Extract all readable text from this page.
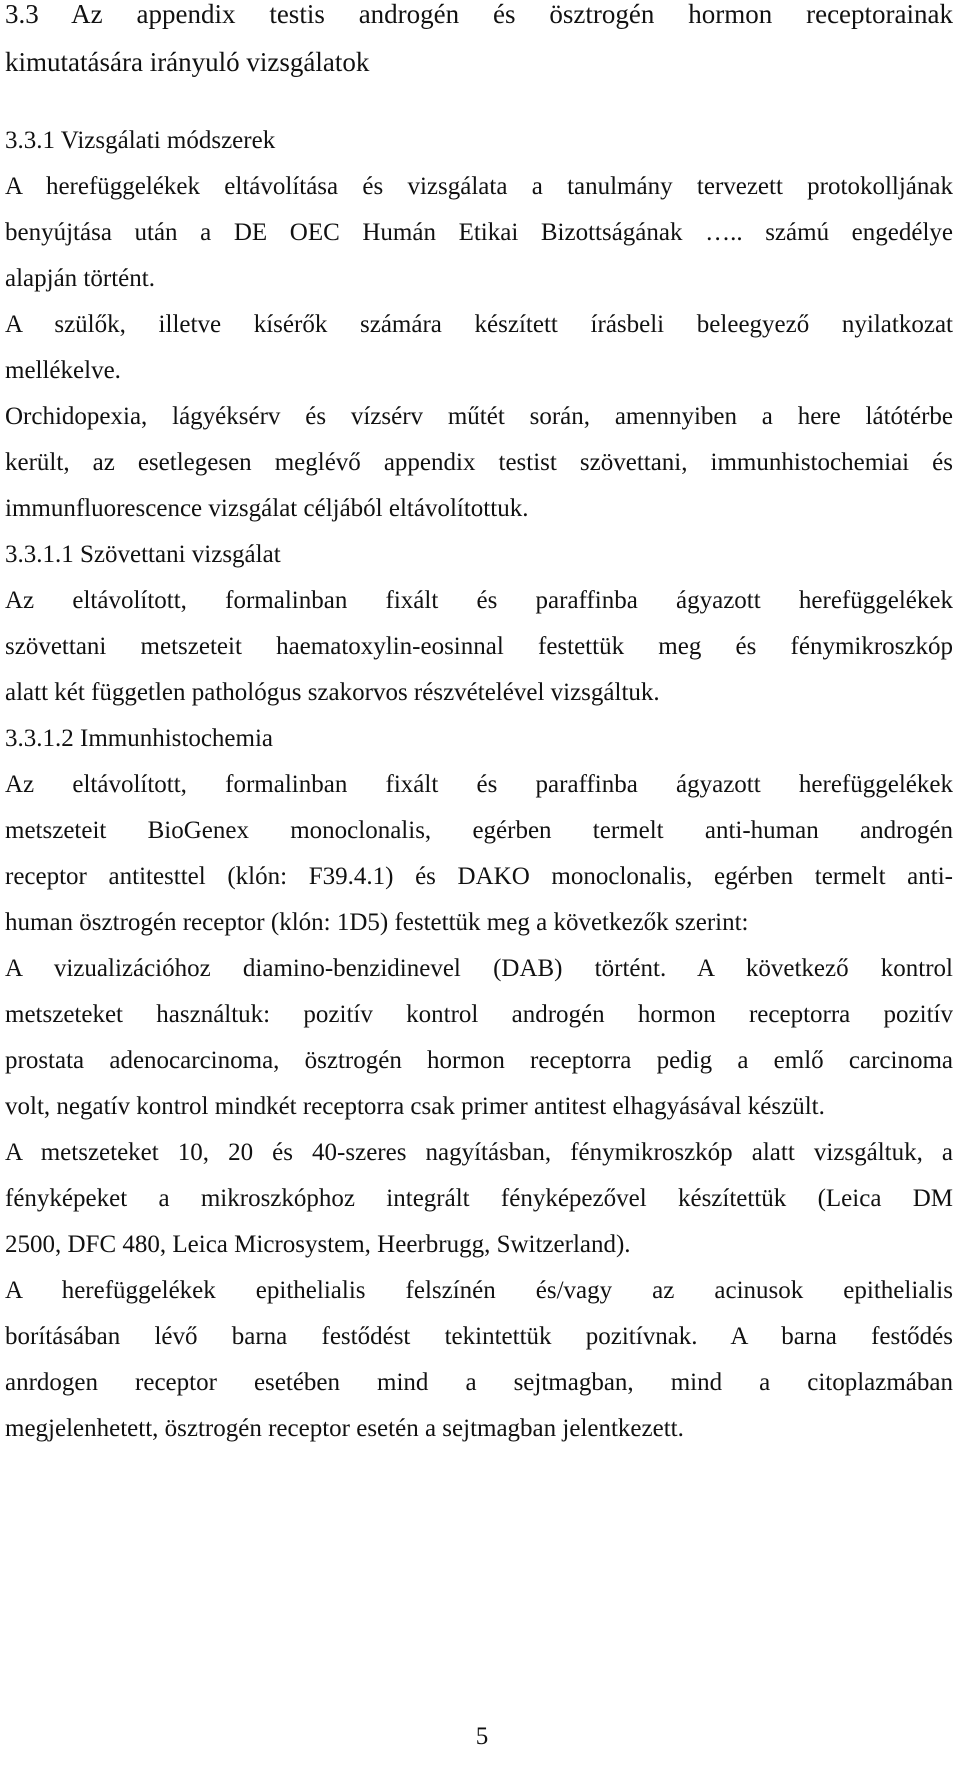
3.3 Az appendix testis androgén és ösztrogén hormon receptorainak
kimutatására irányuló vizsgálatok
3.3.1 Vizsgálati módszerek
A herefüggelékek eltávolítása és vizsgálata a tanulmány tervezett protokolljának
benyújtása után a DE OEC Humán Etikai Bizottságának ….. számú engedélye
alapján történt.
A szülők, illetve kísérők számára készített írásbeli beleegyező nyilatkozat
mellékelve.
Orchidopexia, lágyéksérv és vízsérv műtét során, amennyiben a here látótérbe
került, az esetlegesen meglévő appendix testist szövettani, immunhistochemiai és
immunfluorescence vizsgálat céljából eltávolítottuk.
3.3.1.1 Szövettani vizsgálat
Az eltávolított, formalinban fixált és paraffinba ágyazott herefüggelékek
szövettani metszeteit haematoxylin-eosinnal festettük meg és fénymikroszkóp
alatt két független pathológus szakorvos részvételével vizsgáltuk.
3.3.1.2 Immunhistochemia
Az eltávolított, formalinban fixált és paraffinba ágyazott herefüggelékek
metszeteit BioGenex monoclonalis, egérben termelt anti-human androgén
receptor antitesttel (klón: F39.4.1) és DAKO monoclonalis, egérben termelt anti-
human ösztrogén receptor (klón: 1D5) festettük meg a következők szerint:
A vizualizációhoz diamino-benzidinevel (DAB) történt. A következő kontrol
metszeteket használtuk: pozitív kontrol androgén hormon receptorra pozitív
prostata adenocarcinoma, ösztrogén hormon receptorra pedig a emlő carcinoma
volt, negatív kontrol mindkét receptorra csak primer antitest elhagyásával készült.
A metszeteket 10, 20 és 40-szeres nagyításban, fénymikroszkóp alatt vizsgáltuk, a
fényképeket a mikroszkóphoz integrált fényképezővel készítettük (Leica DM
2500, DFC 480, Leica Microsystem, Heerbrugg, Switzerland).
A herefüggelékek epithelialis felszínén és/vagy az acinusok epithelialis
borításában lévő barna festődést tekintettük pozitívnak. A barna festődés
anrdogen receptor esetében mind a sejtmagban, mind a citoplazmában
megjelenhetett, ösztrogén receptor esetén a sejtmagban jelentkezett.
5
